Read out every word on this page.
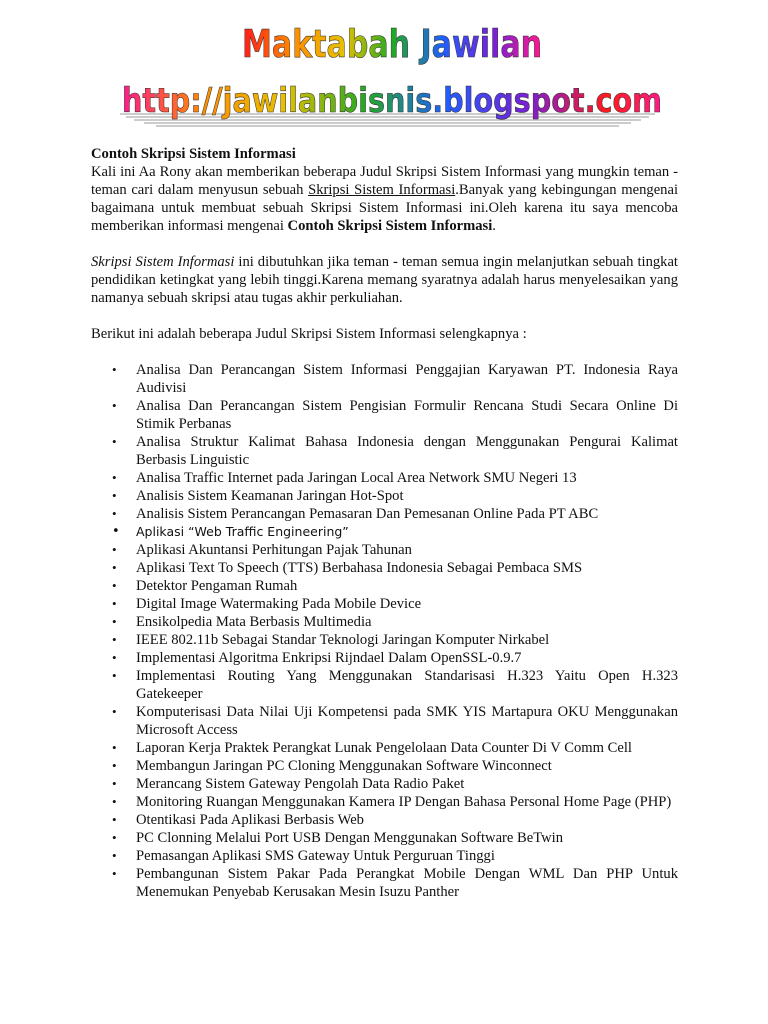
Maktabah Jawilan
http://jawilanbisnis.blogspot.com

Contoh Skripsi Sistem Informasi

Kali ini Aa Rony akan memberikan beberapa Judul Skripsi Sistem Informasi yang mungkin teman - teman cari dalam menyusun sebuah Skripsi Sistem Informasi.Banyak yang kebingungan mengenai bagaimana untuk membuat sebuah Skripsi Sistem Informasi ini.Oleh karena itu saya mencoba memberikan informasi mengenai Contoh Skripsi Sistem Informasi.

Skripsi Sistem Informasi ini dibutuhkan jika teman - teman semua ingin melanjutkan sebuah tingkat pendidikan ketingkat yang lebih tinggi.Karena memang syaratnya adalah harus menyelesaikan yang namanya sebuah skripsi atau tugas akhir perkuliahan.

Berikut ini adalah beberapa Judul Skripsi Sistem Informasi selengkapnya :

• Analisa Dan Perancangan Sistem Informasi Penggajian Karyawan PT. Indonesia Raya Audivisi
• Analisa Dan Perancangan Sistem Pengisian Formulir Rencana Studi Secara Online Di Stimik Perbanas
• Analisa Struktur Kalimat Bahasa Indonesia dengan Menggunakan Pengurai Kalimat Berbasis Linguistic
• Analisa Traffic Internet pada Jaringan Local Area Network SMU Negeri 13
• Analisis Sistem Keamanan Jaringan Hot-Spot
• Analisis Sistem Perancangan Pemasaran Dan Pemesanan Online Pada PT ABC
• Aplikasi “Web Traffic Engineering”
• Aplikasi Akuntansi Perhitungan Pajak Tahunan
• Aplikasi Text To Speech (TTS) Berbahasa Indonesia Sebagai Pembaca SMS
• Detektor Pengaman Rumah
• Digital Image Watermaking Pada Mobile Device
• Ensikolpedia Mata Berbasis Multimedia
• IEEE 802.11b Sebagai Standar Teknologi Jaringan Komputer Nirkabel
• Implementasi Algoritma Enkripsi Rijndael Dalam OpenSSL-0.9.7
• Implementasi Routing Yang Menggunakan Standarisasi H.323 Yaitu Open H.323 Gatekeeper
• Komputerisasi Data Nilai Uji Kompetensi pada SMK YIS Martapura OKU Menggunakan Microsoft Access
• Laporan Kerja Praktek Perangkat Lunak Pengelolaan Data Counter Di V Comm Cell
• Membangun Jaringan PC Cloning Menggunakan Software Winconnect
• Merancang Sistem Gateway Pengolah Data Radio Paket
• Monitoring Ruangan Menggunakan Kamera IP Dengan Bahasa Personal Home Page (PHP)
• Otentikasi Pada Aplikasi Berbasis Web
• PC Clonning Melalui Port USB Dengan Menggunakan Software BeTwin
• Pemasangan Aplikasi SMS Gateway Untuk Perguruan Tinggi
• Pembangunan Sistem Pakar Pada Perangkat Mobile Dengan WML Dan PHP Untuk Menemukan Penyebab Kerusakan Mesin Isuzu Panther
